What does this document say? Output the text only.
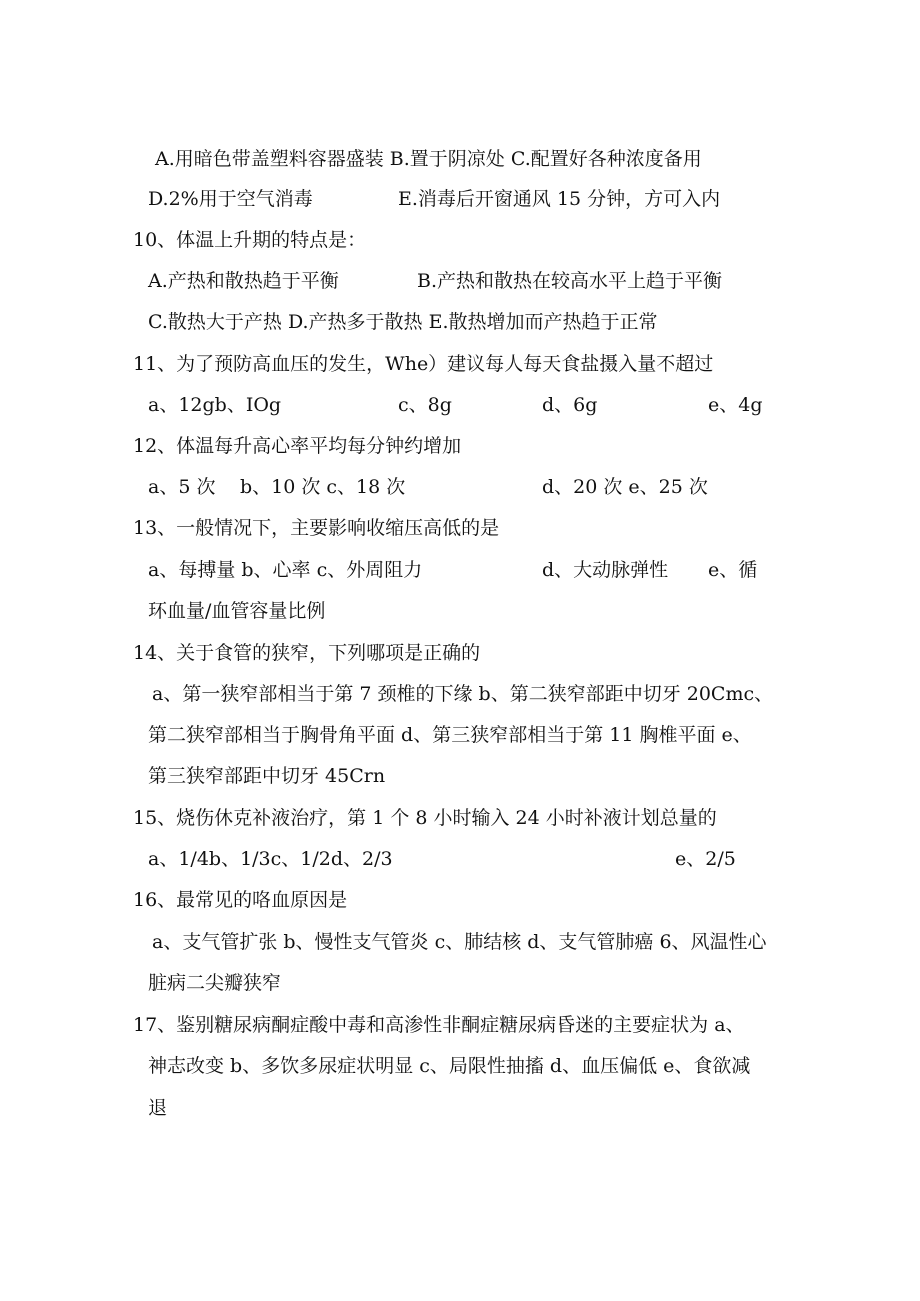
A.用暗色带盖塑料容器盛装 B.置于阴凉处 C.配置好各种浓度备用
D.2%用于空气消毒	E.消毒后开窗通风 15 分钟，方可入内
10、体温上升期的特点是：
A.产热和散热趋于平衡	B.产热和散热在较高水平上趋于平衡
C.散热大于产热 D.产热多于散热 E.散热增加而产热趋于正常
11、为了预防高血压的发生，Whe）建议每人每天食盐摄入量不超过
a、12gb、IOg	c、8g	d、6g	e、4g
12、体温每升高心率平均每分钟约增加
a、5 次 b、10 次 c、18 次	d、20 次 e、25 次
13、一般情况下，主要影响收缩压高低的是
a、每搏量 b、心率 c、外周阻力	d、大动脉弹性 e、循
环血量/血管容量比例
14、关于食管的狭窄，下列哪项是正确的
a、第一狭窄部相当于第 7 颈椎的下缘 b、第二狭窄部距中切牙 20Cmc、
第二狭窄部相当于胸骨角平面 d、第三狭窄部相当于第 11 胸椎平面 e、
第三狭窄部距中切牙 45Crn
15、烧伤休克补液治疗，第 1 个 8 小时输入 24 小时补液计划总量的
a、1/4b、1/3c、1/2d、2/3	e、2/5
16、最常见的咯血原因是
a、支气管扩张 b、慢性支气管炎 c、肺结核 d、支气管肺癌 6、风温性心
脏病二尖瓣狭窄
17、鉴别糖尿病酮症酸中毒和高渗性非酮症糖尿病昏迷的主要症状为 a、
神志改变 b、多饮多尿症状明显 c、局限性抽搐 d、血压偏低 e、食欲减
退
